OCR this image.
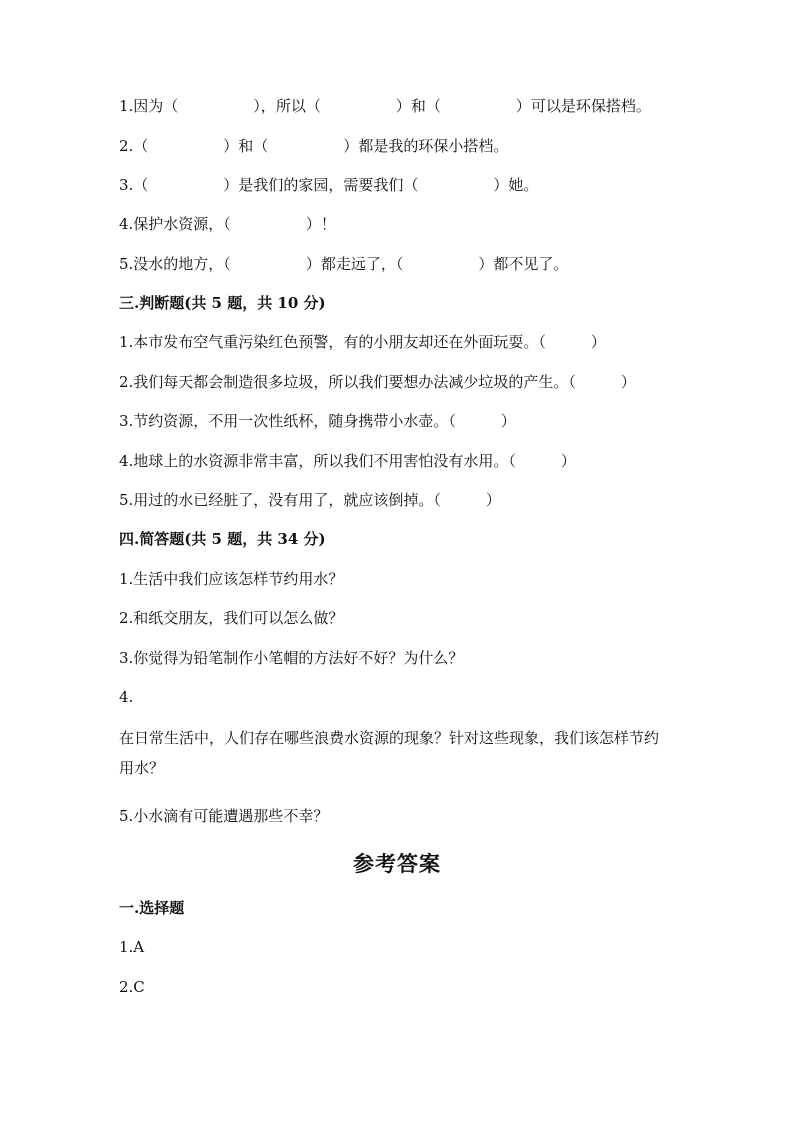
1.因为（　　　　　），所以（　　　　　）和（　　　　　）可以是环保搭档。
2.（　　　　　）和（　　　　　）都是我的环保小搭档。
3.（　　　　　）是我们的家园，需要我们（　　　　　）她。
4.保护水资源，（　　　　　）！
5.没水的地方，（　　　　　）都走远了，（　　　　　）都不见了。
三.判断题(共 5 题，共 10 分)
1.本市发布空气重污染红色预警，有的小朋友却还在外面玩耍。（　　　）
2.我们每天都会制造很多垃圾，所以我们要想办法减少垃圾的产生。（　　　）
3.节约资源，不用一次性纸杯，随身携带小水壶。（　　　）
4.地球上的水资源非常丰富，所以我们不用害怕没有水用。（　　　）
5.用过的水已经脏了，没有用了，就应该倒掉。（　　　）
四.简答题(共 5 题，共 34 分)
1.生活中我们应该怎样节约用水？
2.和纸交朋友，我们可以怎么做？
3.你觉得为铅笔制作小笔帽的方法好不好？为什么？
4.
在日常生活中，人们存在哪些浪费水资源的现象？针对这些现象，我们该怎样节约用水？
5.小水滴有可能遭遇那些不幸？
参考答案
一.选择题
1.A
2.C
